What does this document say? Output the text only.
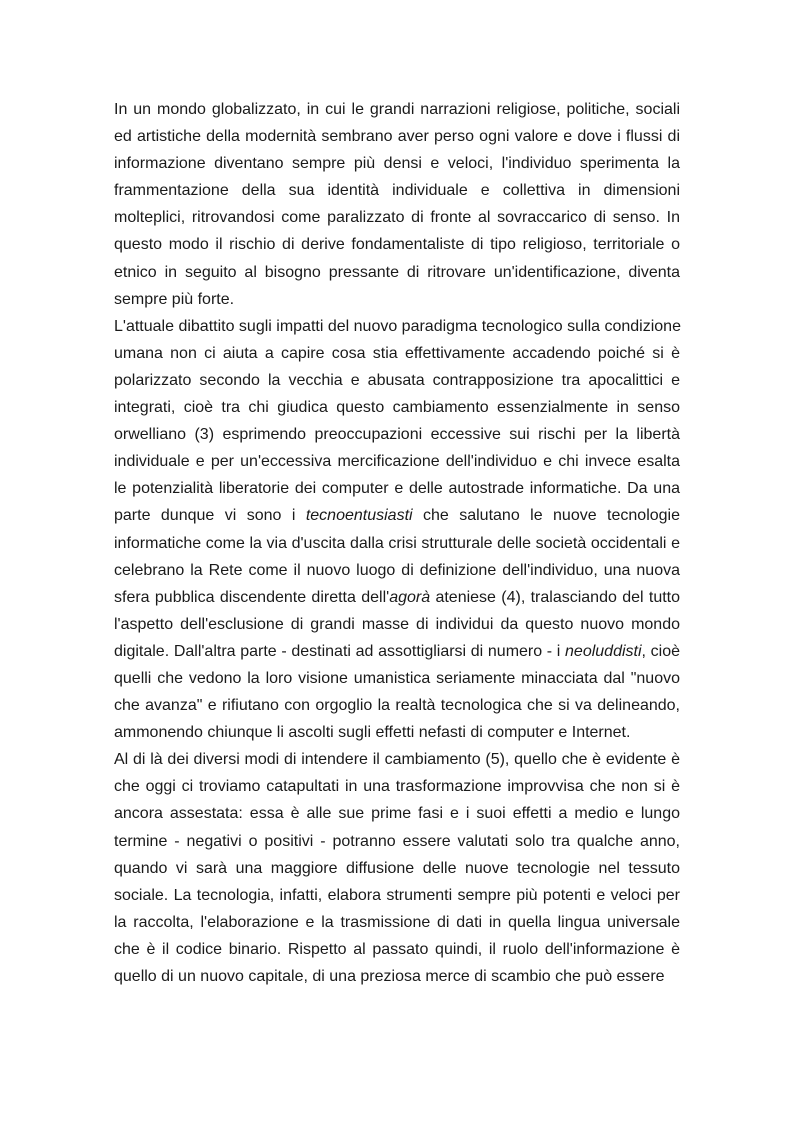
In un mondo globalizzato, in cui le grandi narrazioni religiose, politiche, sociali
ed artistiche della modernità sembrano aver perso ogni valore e dove i flussi di
informazione diventano sempre più densi e veloci, l'individuo sperimenta la
frammentazione della sua identità individuale e collettiva in dimensioni
molteplici, ritrovandosi come paralizzato di fronte al sovraccarico di senso. In
questo modo il rischio di derive fondamentaliste di tipo religioso, territoriale o
etnico in seguito al bisogno pressante di ritrovare un'identificazione, diventa
sempre più forte.
L'attuale dibattito sugli impatti del nuovo paradigma tecnologico sulla condizione
umana non ci aiuta a capire cosa stia effettivamente accadendo poiché si è
polarizzato secondo la vecchia e abusata contrapposizione tra apocalittici e
integrati, cioè tra chi giudica questo cambiamento essenzialmente in senso
orwelliano (3) esprimendo preoccupazioni eccessive sui rischi per la libertà
individuale e per un'eccessiva mercificazione dell'individuo e chi invece esalta
le potenzialità liberatorie dei computer e delle autostrade informatiche. Da una
parte dunque vi sono i tecnoentusiasti che salutano le nuove tecnologie
informatiche come la via d'uscita dalla crisi strutturale delle società occidentali e
celebrano la Rete come il nuovo luogo di definizione dell'individuo, una nuova
sfera pubblica discendente diretta dell'agorà ateniese (4), tralasciando del tutto
l'aspetto dell'esclusione di grandi masse di individui da questo nuovo mondo
digitale. Dall'altra parte - destinati ad assottigliarsi di numero - i neoluddisti, cioè
quelli che vedono la loro visione umanistica seriamente minacciata dal "nuovo
che avanza" e rifiutano con orgoglio la realtà tecnologica che si va delineando,
ammonendo chiunque li ascolti sugli effetti nefasti di computer e Internet.
Al di là dei diversi modi di intendere il cambiamento (5), quello che è evidente è
che oggi ci troviamo catapultati in una trasformazione improvvisa che non si è
ancora assestata: essa è alle sue prime fasi e i suoi effetti a medio e lungo
termine - negativi o positivi - potranno essere valutati solo tra qualche anno,
quando vi sarà una maggiore diffusione delle nuove tecnologie nel tessuto
sociale. La tecnologia, infatti, elabora strumenti sempre più potenti e veloci per
la raccolta, l'elaborazione e la trasmissione di dati in quella lingua universale
che è il codice binario. Rispetto al passato quindi, il ruolo dell'informazione è
quello di un nuovo capitale, di una preziosa merce di scambio che può essere
